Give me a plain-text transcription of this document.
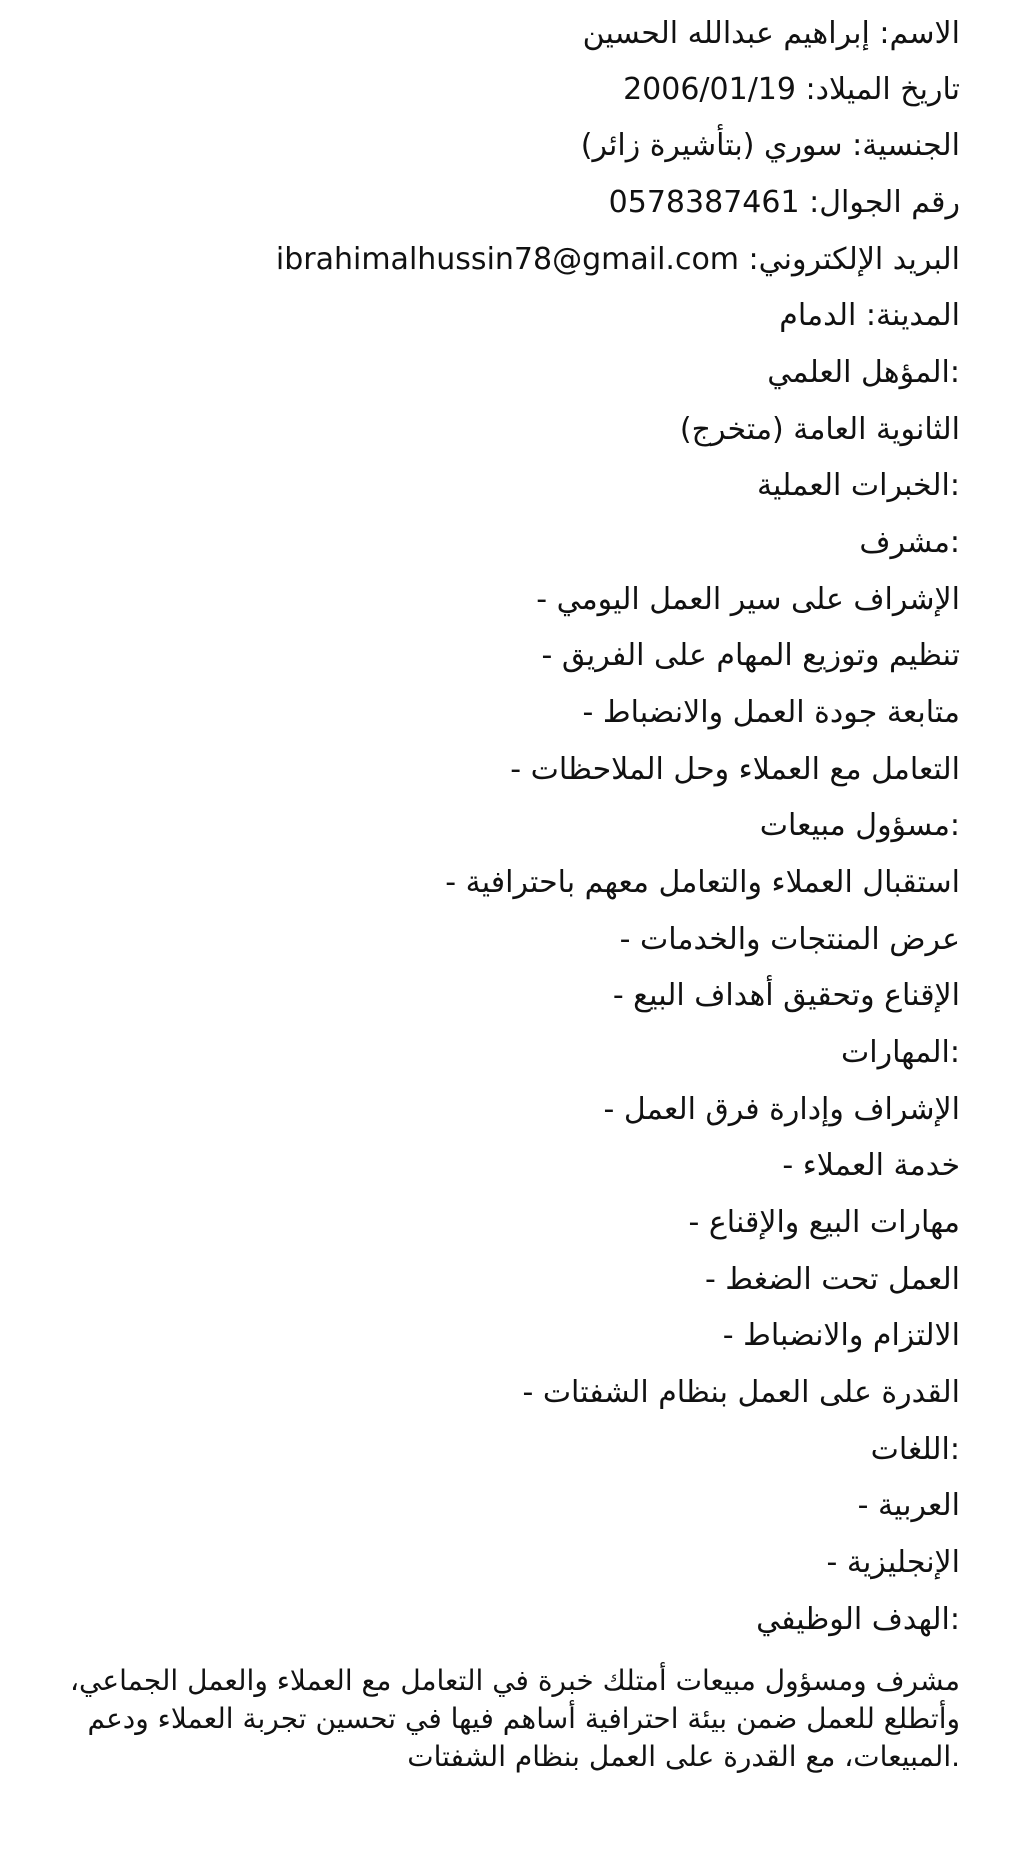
الاسم: إبراهيم عبدالله الحسين
تاريخ الميلاد: 2006/01/19
الجنسية: سوري (بتأشيرة زائر)
رقم الجوال: 0578387461
ibrahimalhussin78@gmail.com :البريد الإلكتروني
المدينة: الدمام
:المؤهل العلمي
الثانوية العامة (متخرج)
:الخبرات العملية
:مشرف
الإشراف على سير العمل اليومي -
تنظيم وتوزيع المهام على الفريق -
متابعة جودة العمل والانضباط -
التعامل مع العملاء وحل الملاحظات -
:مسؤول مبيعات
استقبال العملاء والتعامل معهم باحترافية -
عرض المنتجات والخدمات -
الإقناع وتحقيق أهداف البيع -
:المهارات
الإشراف وإدارة فرق العمل -
خدمة العملاء -
مهارات البيع والإقناع -
العمل تحت الضغط -
الالتزام والانضباط -
القدرة على العمل بنظام الشفتات -
:اللغات
العربية -
الإنجليزية -
:الهدف الوظيفي
مشرف ومسؤول مبيعات أمتلك خبرة في التعامل مع العملاء والعمل الجماعي،
وأتطلع للعمل ضمن بيئة احترافية أساهم فيها في تحسين تجربة العملاء ودعم
.المبيعات، مع القدرة على العمل بنظام الشفتات
